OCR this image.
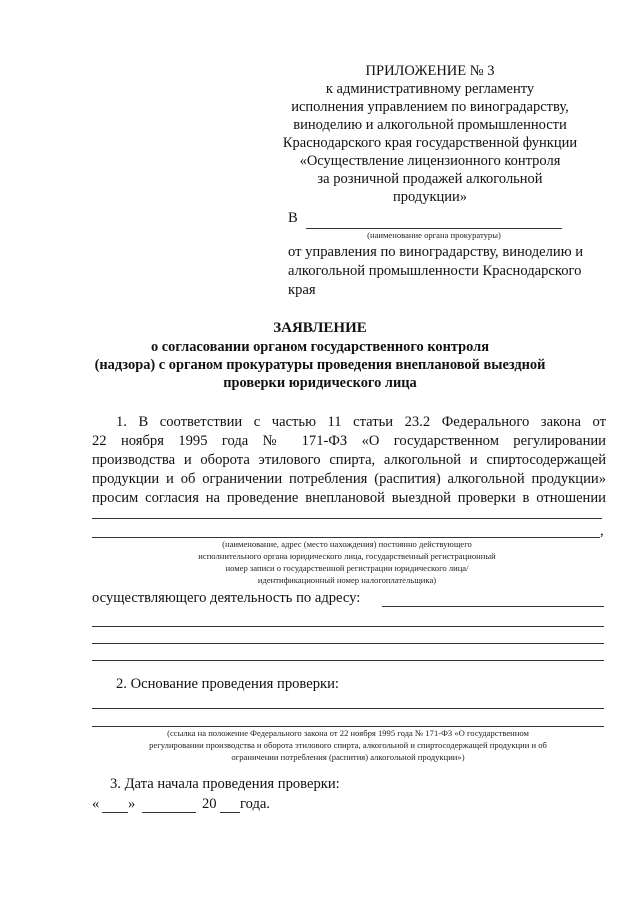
ПРИЛОЖЕНИЕ № 3
к административному регламенту
исполнения управлением по виноградарству,
виноделию и алкогольной промышленности
Краснодарского края государственной функции
«Осуществление лицензионного контроля
за розничной продажей алкогольной
продукции»
В
(наименование органа прокуратуры)
от управления по виноградарству, виноделию и
алкогольной промышленности Краснодарского
края
ЗАЯВЛЕНИЕ
о согласовании органом государственного контроля
(надзора) с органом прокуратуры проведения внеплановой выездной
проверки юридического лица
1. В соответствии с частью 11 статьи 23.2 Федерального закона от
22 ноября 1995 года № 171-ФЗ «О государственном регулировании
производства и оборота этилового спирта, алкогольной и спиртосодержащей
продукции и об ограничении потребления (распития) алкогольной продукции»
просим согласия на проведение внеплановой выездной проверки в отношении
,
(наименование, адрес (место нахождения) постоянно действующего
исполнительного органа юридического лица, государственный регистрационный
номер записи о государственной регистрации юридического лица/
идентификационный номер налогоплательщика)
осуществляющего деятельность по адресу:
2. Основание проведения проверки:
(ссылка на положение Федерального закона от 22 ноября 1995 года № 171-ФЗ «О государственном
регулировании производства и оборота этилового спирта, алкогольной и спиртосодержащей продукции и об
ограничении потребления (распития) алкогольной продукции»)
3. Дата начала проведения проверки:
« »	20 года.
